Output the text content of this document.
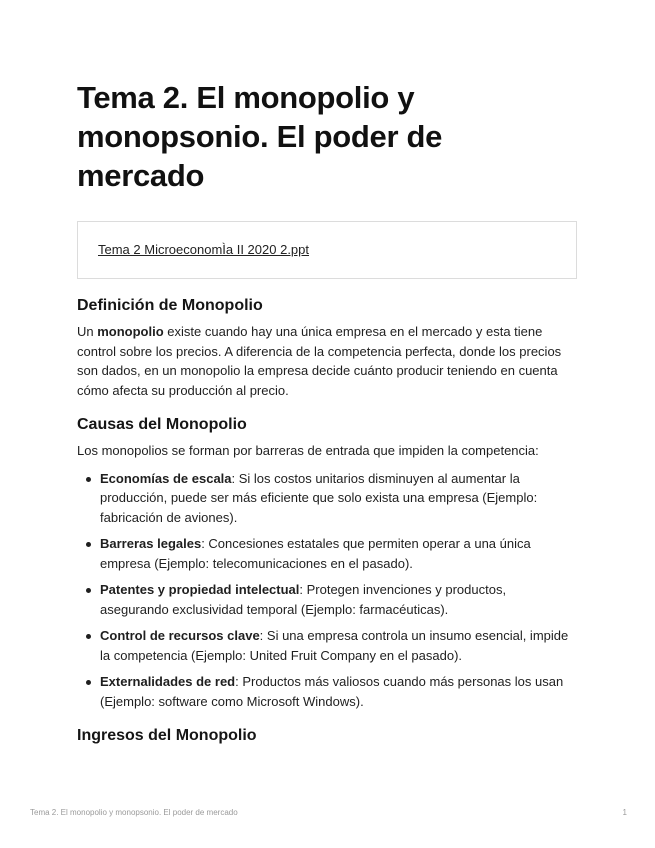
Tema 2. El monopolio y monopsonio. El poder de mercado
Tema 2 MicroeconomÌa II 2020 2.ppt
Definición de Monopolio

Un monopolio existe cuando hay una única empresa en el mercado y esta tiene control sobre los precios. A diferencia de la competencia perfecta, donde los precios son dados, en un monopolio la empresa decide cuánto producir teniendo en cuenta cómo afecta su producción al precio.

Causas del Monopolio

Los monopolios se forman por barreras de entrada que impiden la competencia:

Economías de escala: Si los costos unitarios disminuyen al aumentar la producción, puede ser más eficiente que solo exista una empresa (Ejemplo: fabricación de aviones).
Barreras legales: Concesiones estatales que permiten operar a una única empresa (Ejemplo: telecomunicaciones en el pasado).
Patentes y propiedad intelectual: Protegen invenciones y productos, asegurando exclusividad temporal (Ejemplo: farmacéuticas).
Control de recursos clave: Si una empresa controla un insumo esencial, impide la competencia (Ejemplo: United Fruit Company en el pasado).
Externalidades de red: Productos más valiosos cuando más personas los usan (Ejemplo: software como Microsoft Windows).
Ingresos del Monopolio
Tema 2. El monopolio y monopsonio. El poder de mercado	1
